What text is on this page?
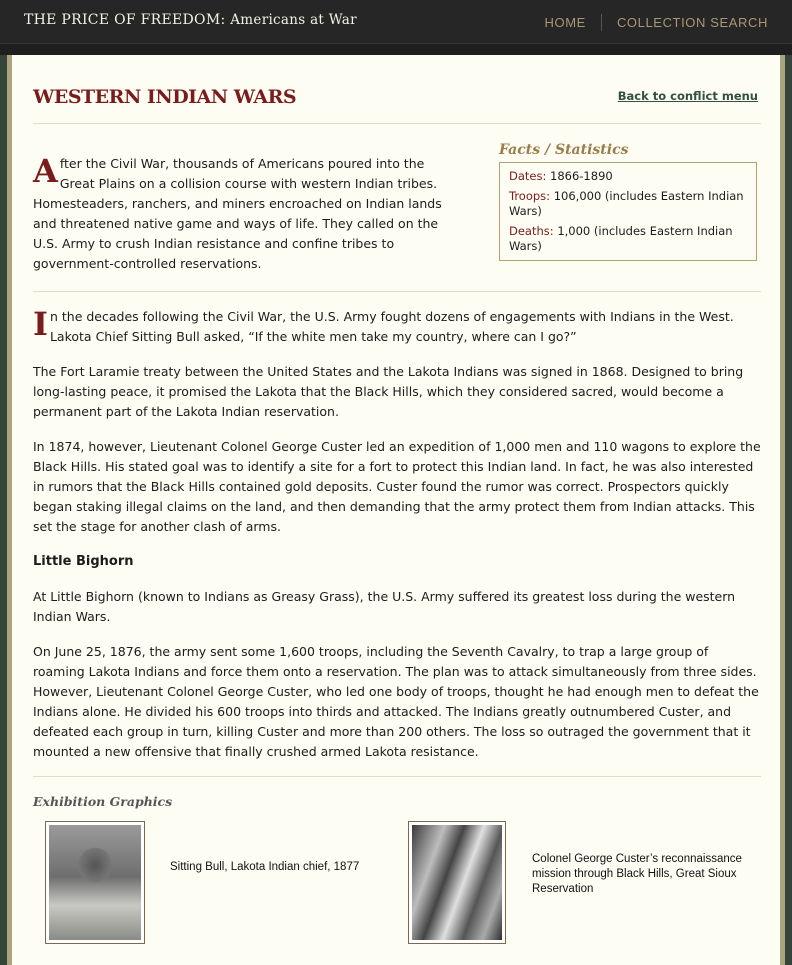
THE PRICE OF FREEDOM: Americans at War	HOME COLLECTION SEARCH
WESTERN INDIAN WARS	Back to conflict menu
After the Civil War, thousands of Americans poured into the Great Plains on a collision course with western Indian tribes. Homesteaders, ranchers, and miners encroached on Indian lands and threatened native game and ways of life. They called on the U.S. Army to crush Indian resistance and confine tribes to government-controlled reservations.
Facts / Statistics

Dates: 1866-1890

Troops: 106,000 (includes Eastern Indian Wars)

Deaths: 1,000 (includes Eastern Indian Wars)

In the decades following the Civil War, the U.S. Army fought dozens of engagements with Indians in the West. Lakota Chief Sitting Bull asked, “If the white men take my country, where can I go?”

The Fort Laramie treaty between the United States and the Lakota Indians was signed in 1868. Designed to bring long-lasting peace, it promised the Lakota that the Black Hills, which they considered sacred, would become a permanent part of the Lakota Indian reservation.

In 1874, however, Lieutenant Colonel George Custer led an expedition of 1,000 men and 110 wagons to explore the Black Hills. His stated goal was to identify a site for a fort to protect this Indian land. In fact, he was also interested in rumors that the Black Hills contained gold deposits. Custer found the rumor was correct. Prospectors quickly began staking illegal claims on the land, and then demanding that the army protect them from Indian attacks. This set the stage for another clash of arms.

Little Bighorn

At Little Bighorn (known to Indians as Greasy Grass), the U.S. Army suffered its greatest loss during the western Indian Wars.

On June 25, 1876, the army sent some 1,600 troops, including the Seventh Cavalry, to trap a large group of roaming Lakota Indians and force them onto a reservation. The plan was to attack simultaneously from three sides. However, Lieutenant Colonel George Custer, who led one body of troops, thought he had enough men to defeat the Indians alone. He divided his 600 troops into thirds and attacked. The Indians greatly outnumbered Custer, and defeated each group in turn, killing Custer and more than 200 others. The loss so outraged the government that it mounted a new offensive that finally crushed armed Lakota resistance.

Exhibition Graphics
Sitting Bull, Lakota Indian chief, 1877
Colonel George Custer’s reconnaissance mission through Black Hills, Great Sioux Reservation
